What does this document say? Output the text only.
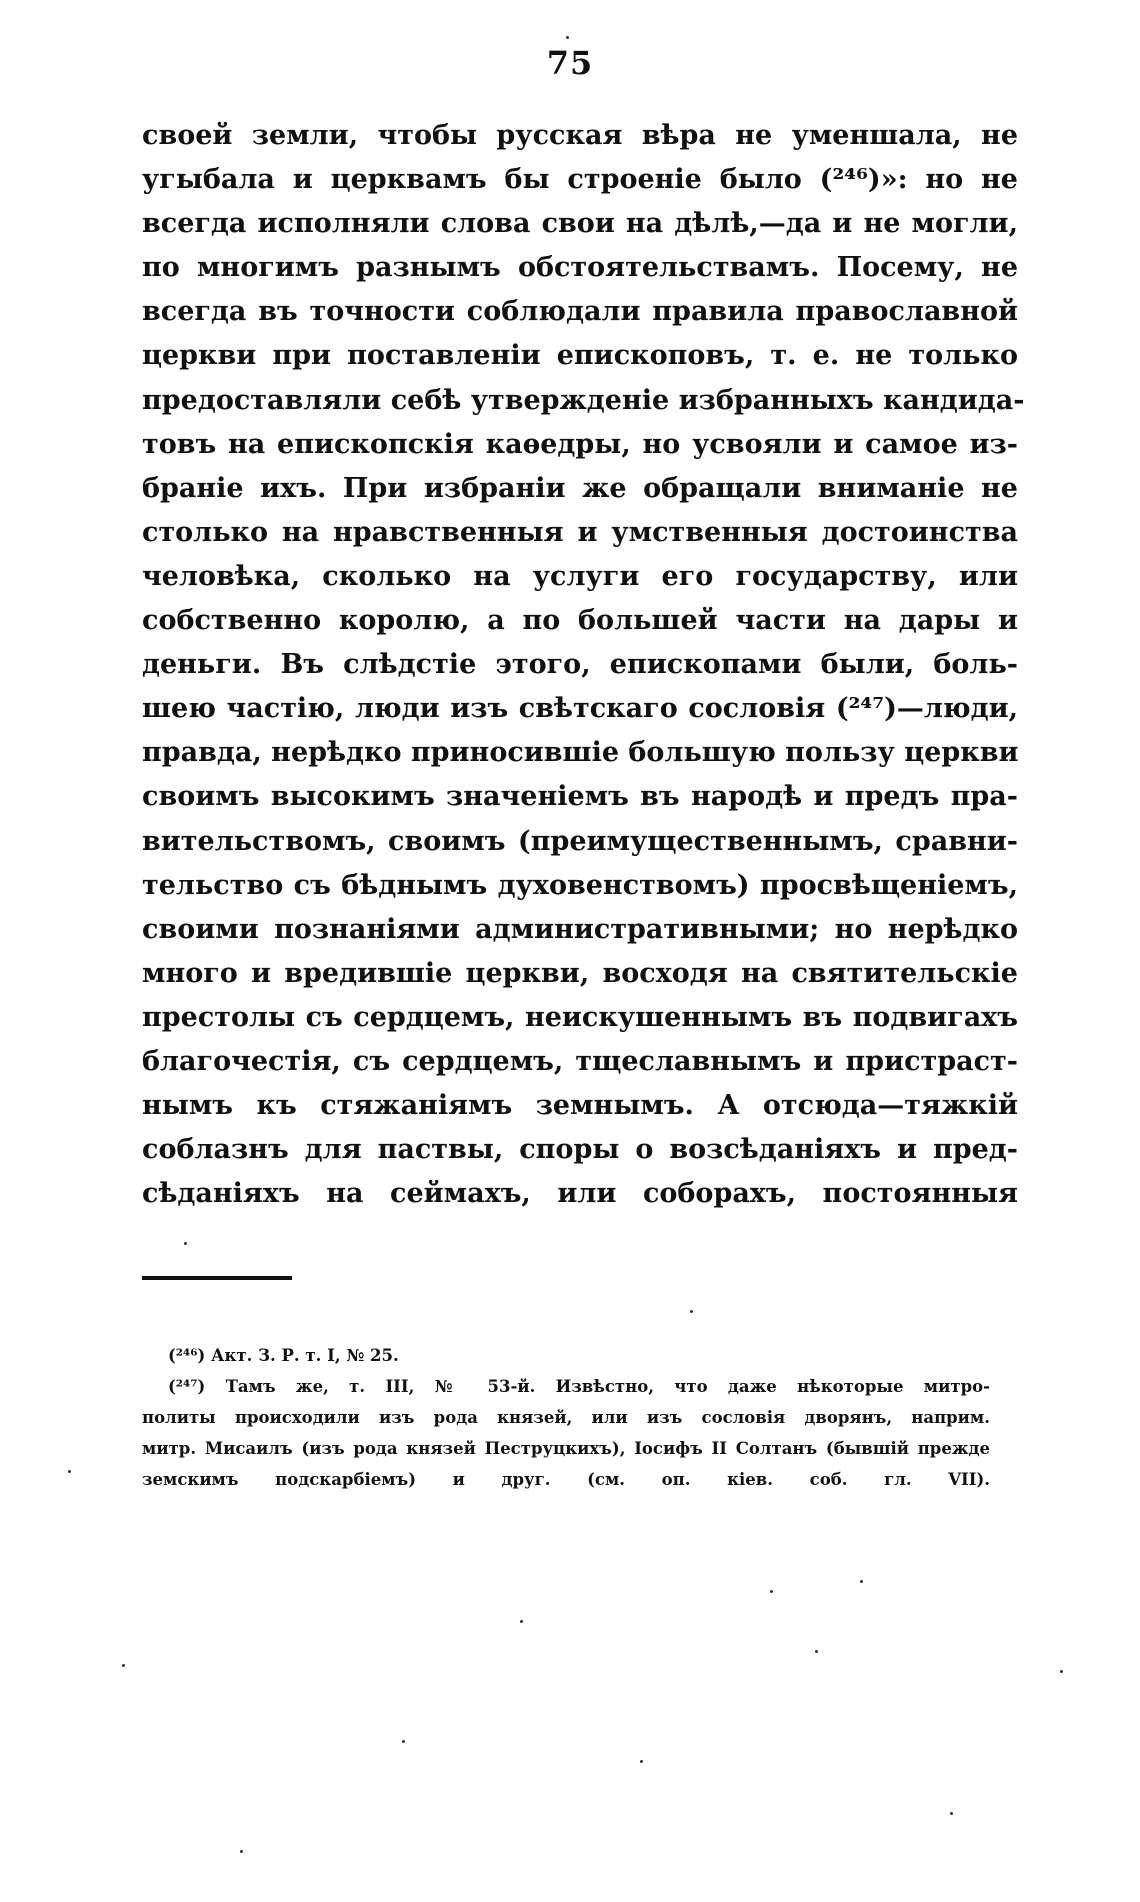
75
своей земли, чтобы русская вѣра не уменшала, не
угыбала и церквамъ бы строеніе было (²⁴⁶)»: но не
всегда исполняли слова свои на дѣлѣ,—да и не могли,
по многимъ разнымъ обстоятельствамъ. Посему, не
всегда въ точности соблюдали правила православной
церкви при поставленіи епископовъ, т. е. не только
предоставляли себѣ утвержденіе избранныхъ кандида-
товъ на епископскія каѳедры, но усвояли и самое из-
браніе ихъ. При избраніи же обращали вниманіе не
столько на нравственныя и умственныя достоинства
человѣка, сколько на услуги его государству, или
собственно королю, а по большей части на дары и
деньги. Въ слѣдстіе этого, епископами были, боль-
шею частію, люди изъ свѣтскаго сословія (²⁴⁷)—люди,
правда, нерѣдко приносившіе большую пользу церкви
своимъ высокимъ значеніемъ въ народѣ и предъ пра-
вительствомъ, своимъ (преимущественнымъ, сравни-
тельство съ бѣднымъ духовенствомъ) просвѣщеніемъ,
своими познаніями административными; но нерѣдко
много и вредившіе церкви, восходя на святительскіе
престолы съ сердцемъ, неискушеннымъ въ подвигахъ
благочестія, съ сердцемъ, тщеславнымъ и пристраст-
нымъ къ стяжаніямъ земнымъ. А отсюда—тяжкій
соблазнъ для паствы, споры о возсѣданіяхъ и пред-
сѣданіяхъ на сеймахъ, или соборахъ, постоянныя
(²⁴⁶) Акт. З. Р. т. I, № 25.
(²⁴⁷) Тамъ же, т. III, № 53-й. Извѣстно, что даже нѣкоторые митро-
политы происходили изъ рода князей, или изъ сословія дворянъ, наприм.
митр. Мисаилъ (изъ рода князей Пеструцкихъ), Іосифъ II Солтанъ (бывшій прежде
земскимъ подскарбіемъ) и друг. (см. оп. кіев. соб. гл. VII).
